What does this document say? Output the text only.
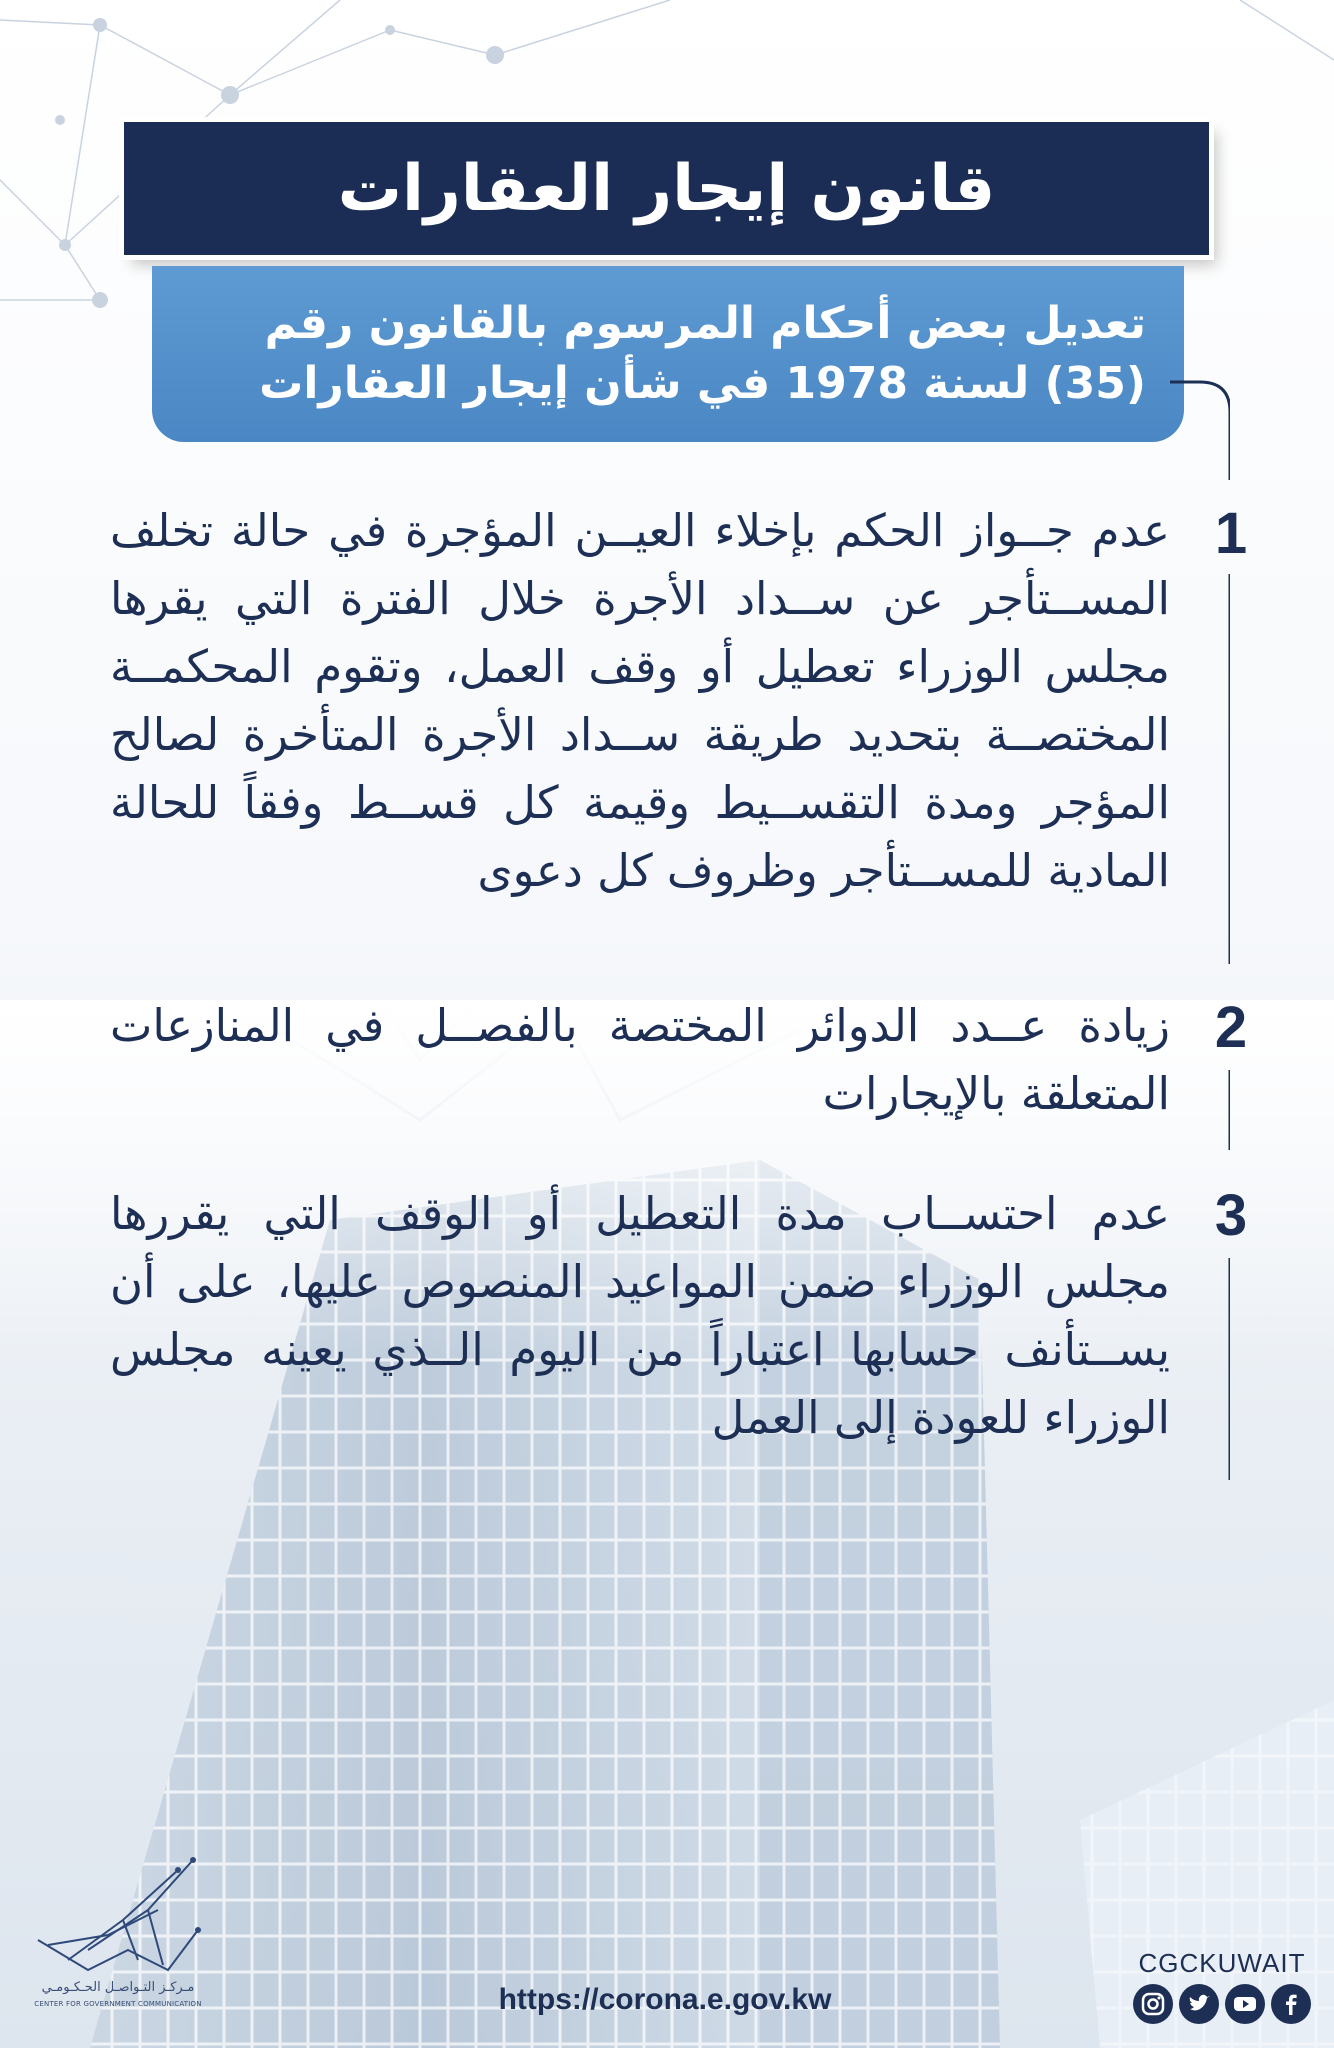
قانون إيجار العقارات
تعديل بعض أحكام المرسوم بالقانون رقم
(35) لسنة 1978 في شأن إيجار العقارات
1
عدم جــواز الحكم بإخلاء العيــن المؤجرة في حالة تخلف المســتأجر عن ســداد الأجرة خلال الفترة التي يقرها مجلس الوزراء تعطيل أو وقف العمل، وتقوم المحكمــة المختصــة بتحديد طريقة ســداد الأجرة المتأخرة لصالح المؤجر ومدة التقســيط وقيمة كل قســط وفقاً للحالة المادية للمســتأجر وظروف كل دعوى
2
زيادة عــدد الدوائر المختصة بالفصــل في المنازعات المتعلقة بالإيجارات
3
عدم احتســاب مدة التعطيل أو الوقف التي يقررها مجلس الوزراء ضمن المواعيد المنصوص عليها، على أن يســتأنف حسابها اعتباراً من اليوم الــذي يعينه مجلس الوزراء للعودة إلى العمل
مـركـز التـواصـل الحـكـومـي
CENTER FOR GOVERNMENT COMMUNICATION	https://corona.e.gov.kw
CGCKUWAIT
